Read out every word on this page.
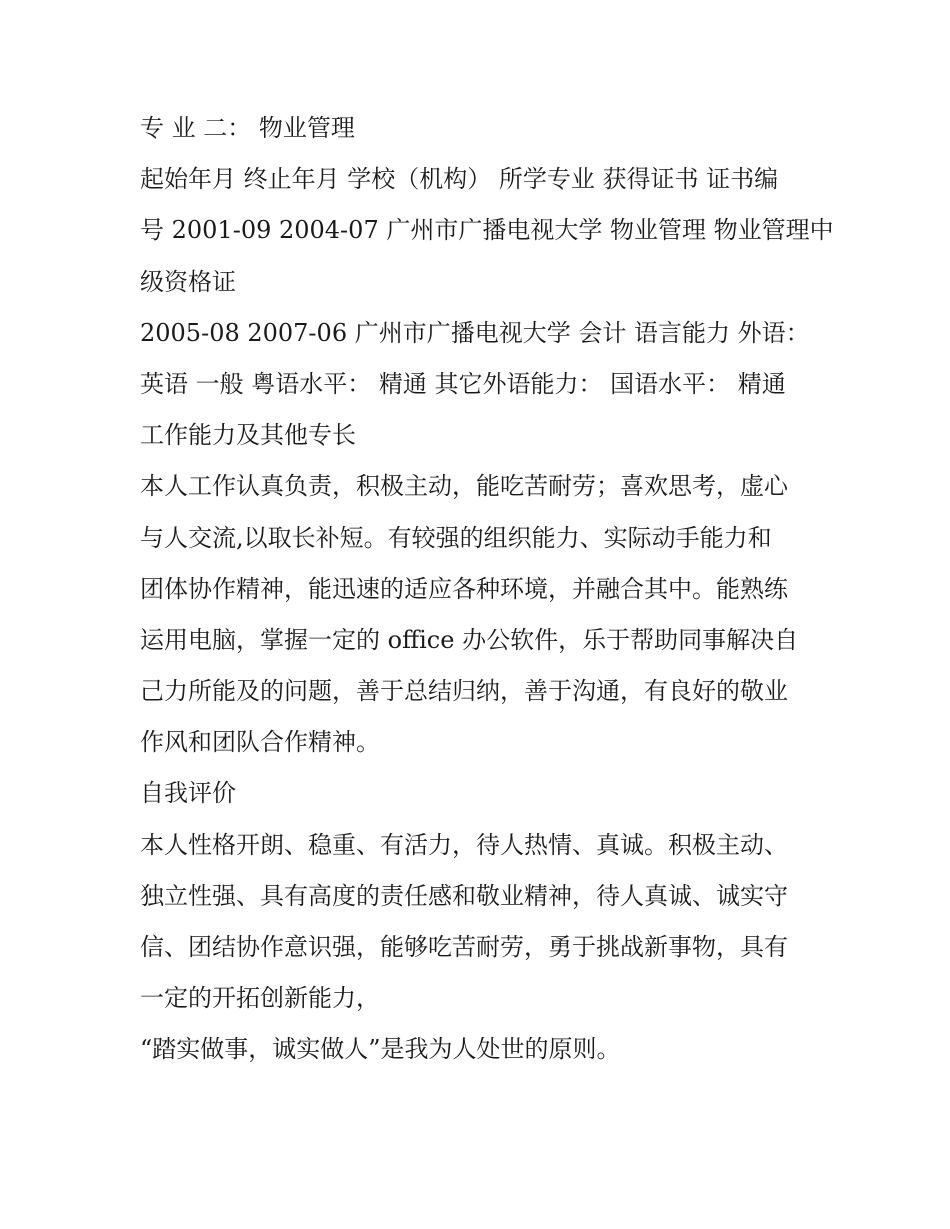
专 业 二： 物业管理
起始年月 终止年月 学校（机构） 所学专业 获得证书 证书编
号 2001-09 2004-07 广州市广播电视大学 物业管理 物业管理中
级资格证
2005-08 2007-06 广州市广播电视大学 会计 语言能力 外语：
英语 一般 粤语水平： 精通 其它外语能力： 国语水平： 精通
工作能力及其他专长
本人工作认真负责，积极主动，能吃苦耐劳；喜欢思考，虚心
与人交流,以取长补短。有较强的组织能力、实际动手能力和
团体协作精神，能迅速的适应各种环境，并融合其中。能熟练
运用电脑，掌握一定的 office 办公软件，乐于帮助同事解决自
己力所能及的问题，善于总结归纳，善于沟通，有良好的敬业
作风和团队合作精神。
自我评价
本人性格开朗、稳重、有活力，待人热情、真诚。积极主动、
独立性强、具有高度的责任感和敬业精神，待人真诚、诚实守
信、团结协作意识强，能够吃苦耐劳，勇于挑战新事物，具有
一定的开拓创新能力，
“踏实做事，诚实做人”是我为人处世的原则。
